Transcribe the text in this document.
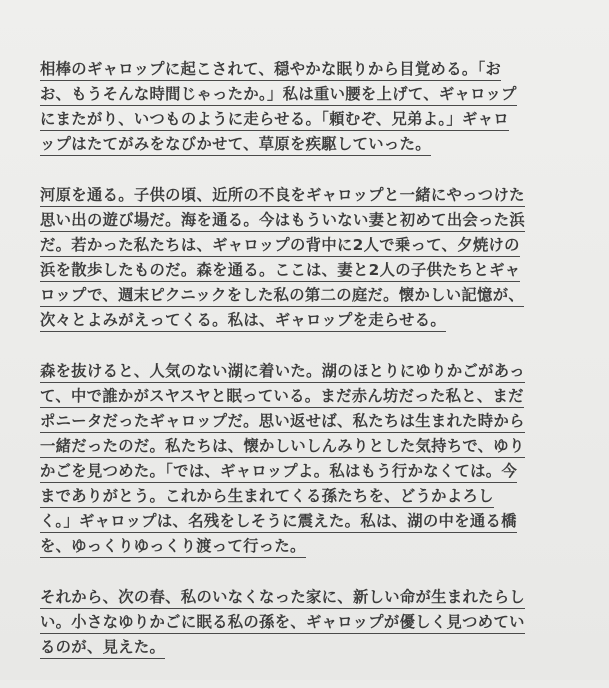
相棒のギャロップに起こされて、穏やかな眠りから目覚める。「お
お、もうそんな時間じゃったか。」私は重い腰を上げて、ギャロップ
にまたがり、いつものように走らせる。「頼むぞ、兄弟よ。」ギャロ
ップはたてがみをなびかせて、草原を疾駆していった。
河原を通る。子供の頃、近所の不良をギャロップと一緒にやっつけた
思い出の遊び場だ。海を通る。今はもういない妻と初めて出会った浜
だ。若かった私たちは、ギャロップの背中に2人で乗って、夕焼けの
浜を散歩したものだ。森を通る。ここは、妻と2人の子供たちとギャ
ロップで、週末ピクニックをした私の第二の庭だ。懐かしい記憶が、
次々とよみがえってくる。私は、ギャロップを走らせる。
森を抜けると、人気のない湖に着いた。湖のほとりにゆりかごがあっ
て、中で誰かがスヤスヤと眠っている。まだ赤ん坊だった私と、まだ
ポニータだったギャロップだ。思い返せば、私たちは生まれた時から
一緒だったのだ。私たちは、懐かしいしんみりとした気持ちで、ゆり
かごを見つめた。「では、ギャロップよ。私はもう行かなくては。今
までありがとう。これから生まれてくる孫たちを、どうかよろし
く。」ギャロップは、名残をしそうに震えた。私は、湖の中を通る橋
を、ゆっくりゆっくり渡って行った。
それから、次の春、私のいなくなった家に、新しい命が生まれたらし
い。小さなゆりかごに眠る私の孫を、ギャロップが優しく見つめてい
るのが、見えた。
